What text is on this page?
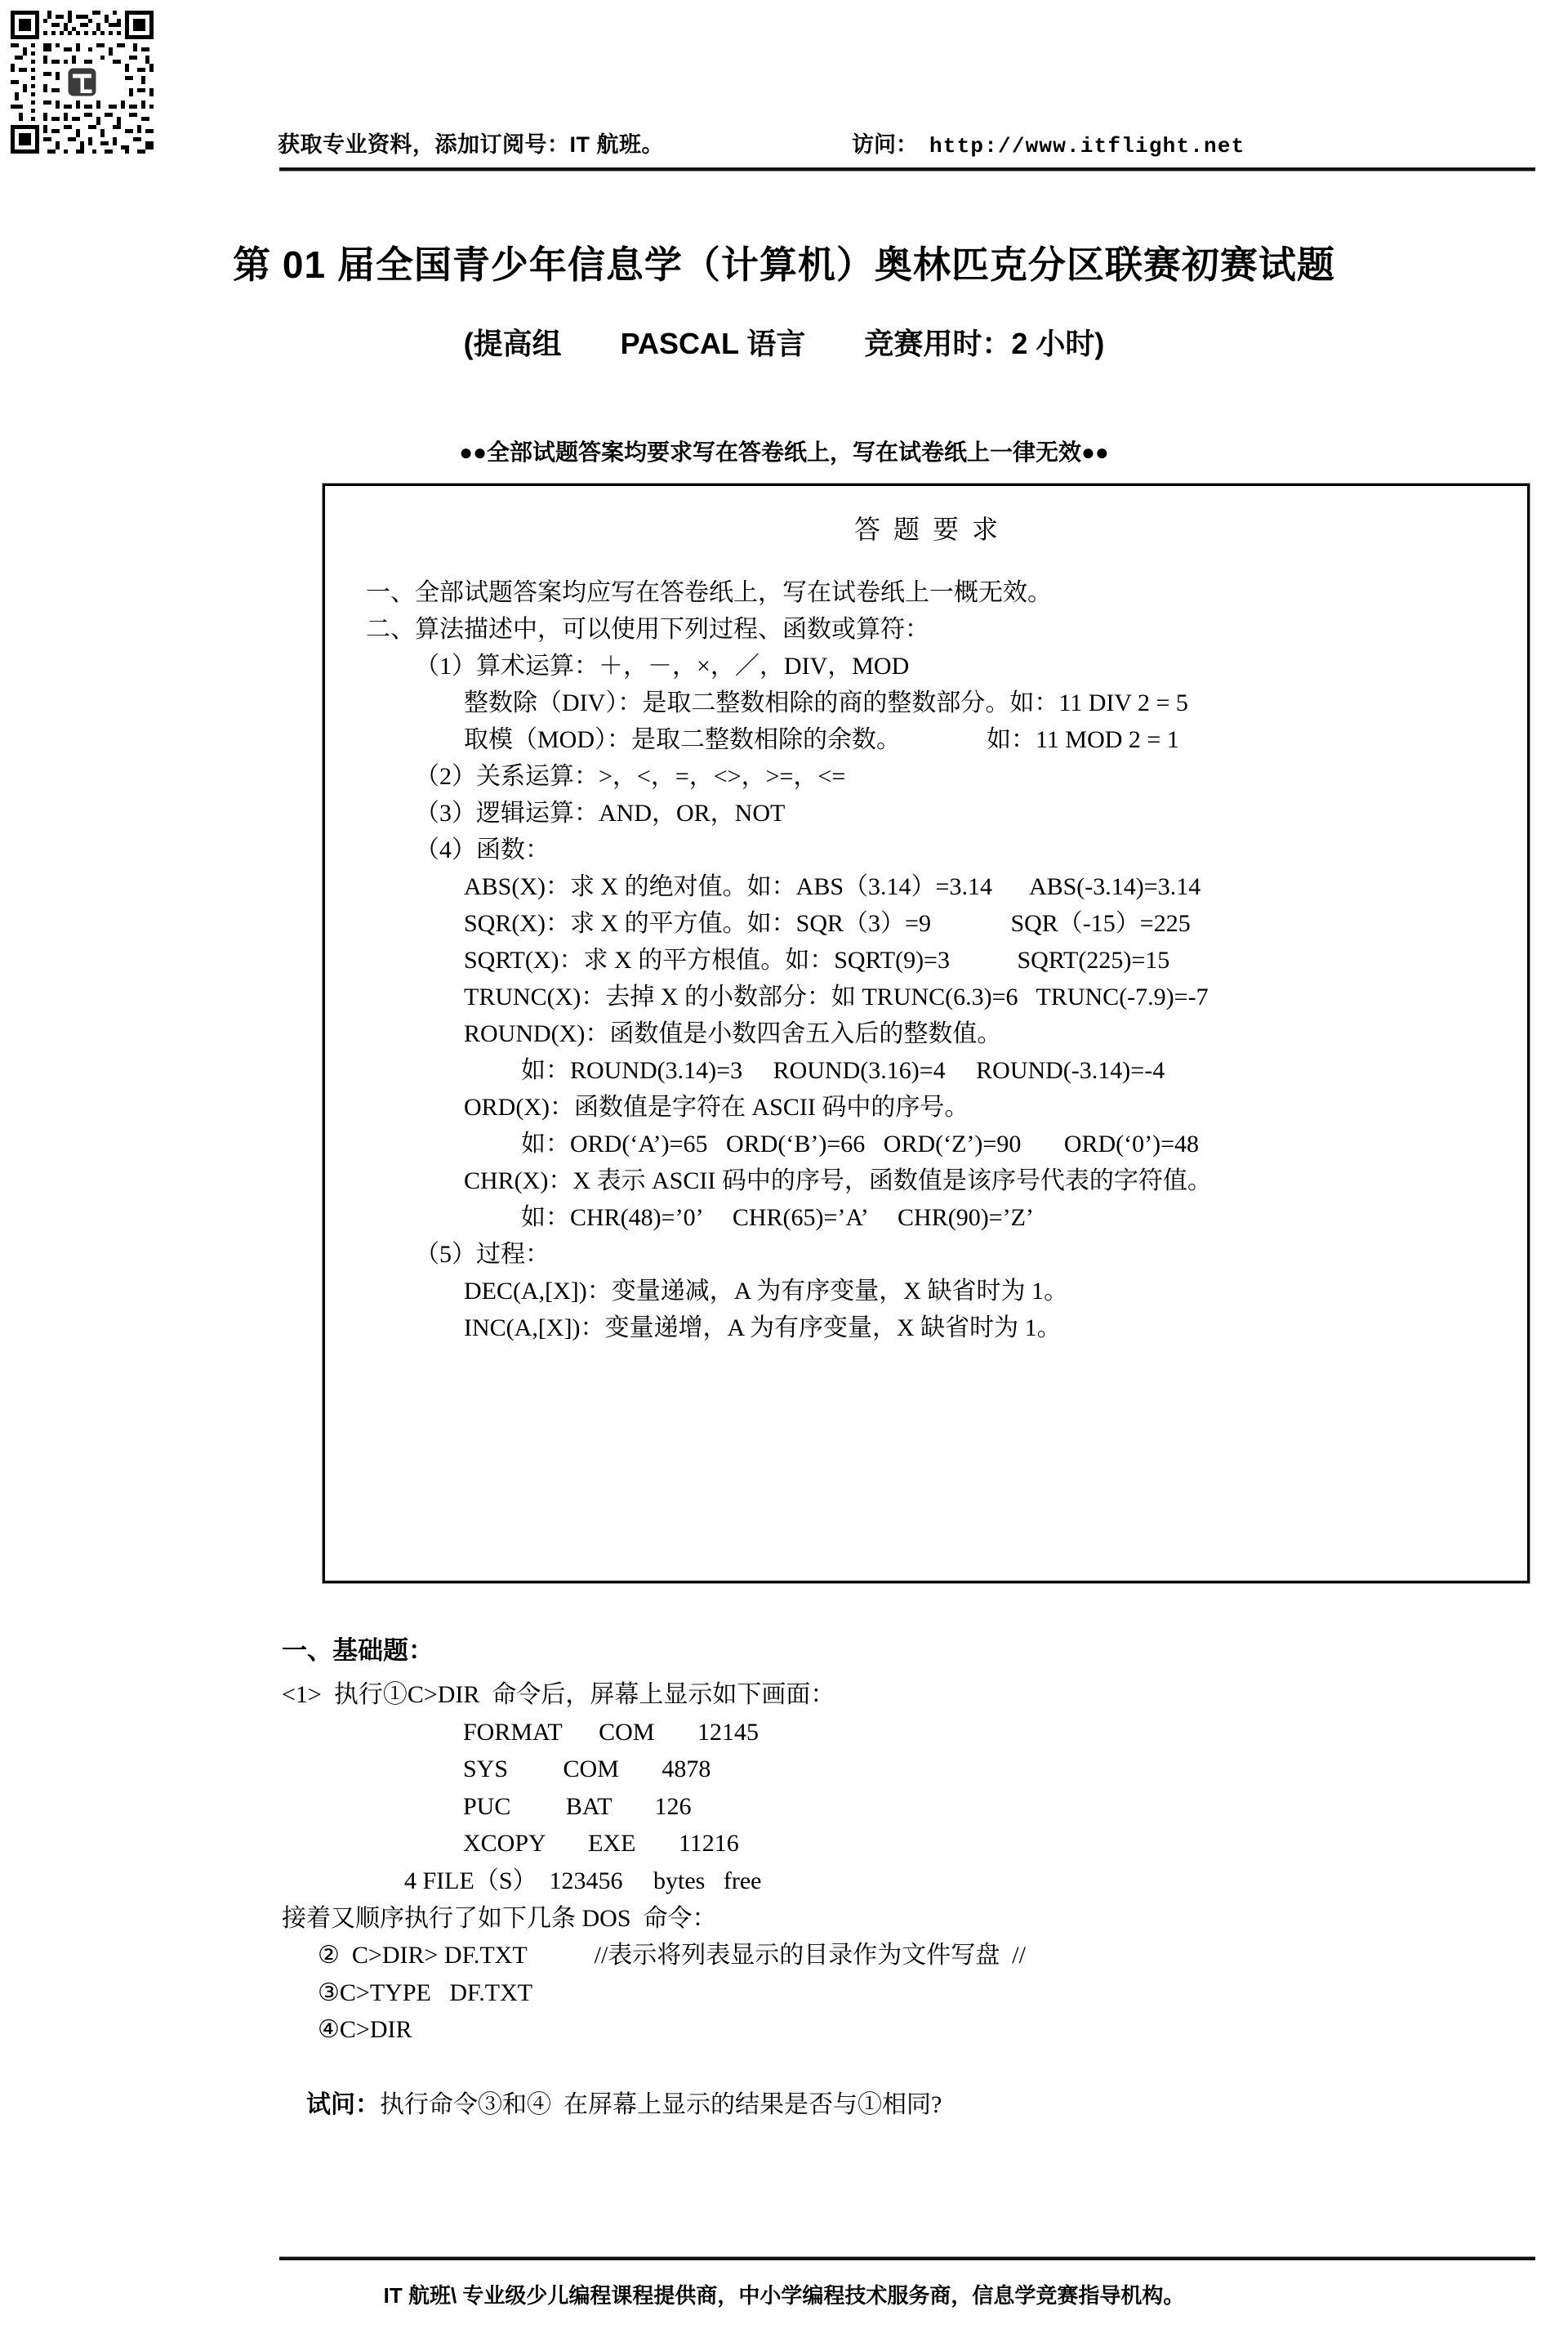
获取专业资料，添加订阅号：IT 航班。	访问： http://www.itflight.net
第 01 届全国青少年信息学（计算机）奥林匹克分区联赛初赛试题
(提高组　　PASCAL 语言　　竞赛用时：2 小时)
●●全部试题答案均要求写在答卷纸上，写在试卷纸上一律无效●●
答题要求
一、全部试题答案均应写在答卷纸上，写在试卷纸上一概无效。
二、算法描述中，可以使用下列过程、函数或算符：
（1）算术运算：＋，－，×，／，DIV，MOD
整数除（DIV）：是取二整数相除的商的整数部分。如：11 DIV 2 = 5
取模（MOD）：是取二整数相除的余数。              如：11 MOD 2 = 1
（2）关系运算：>，<，=，<>，>=，<=
（3）逻辑运算：AND，OR，NOT
（4）函数：
ABS(X)：求 X 的绝对值。如：ABS（3.14）=3.14      ABS(-3.14)=3.14
SQR(X)：求 X 的平方值。如：SQR（3）=9             SQR（-15）=225
SQRT(X)：求 X 的平方根值。如：SQRT(9)=3           SQRT(225)=15
TRUNC(X)：去掉 X 的小数部分：如 TRUNC(6.3)=6   TRUNC(-7.9)=-7
ROUND(X)：函数值是小数四舍五入后的整数值。
如：ROUND(3.14)=3     ROUND(3.16)=4     ROUND(-3.14)=-4
ORD(X)：函数值是字符在 ASCII 码中的序号。
如：ORD(‘A’)=65   ORD(‘B’)=66   ORD(‘Z’)=90       ORD(‘0’)=48
CHR(X)：X 表示 ASCII 码中的序号，函数值是该序号代表的字符值。
如：CHR(48)=’0’     CHR(65)=’A’     CHR(90)=’Z’
（5）过程：
DEC(A,[X])：变量递减，A 为有序变量，X 缺省时为 1。
INC(A,[X])：变量递增，A 为有序变量，X 缺省时为 1。
一、基础题：
<1>  执行①C>DIR  命令后，屏幕上显示如下画面：
FORMAT      COM       12145
SYS         COM       4878
PUC         BAT       126
XCOPY       EXE       11216
4 FILE（S）  123456     bytes   free
接着又顺序执行了如下几条 DOS  命令：
②  C>DIR> DF.TXT           //表示将列表显示的目录作为文件写盘  //
③C>TYPE   DF.TXT
④C>DIR

试问：执行命令③和④  在屏幕上显示的结果是否与①相同?

IT 航班\ 专业级少儿编程课程提供商，中小学编程技术服务商，信息学竞赛指导机构。
